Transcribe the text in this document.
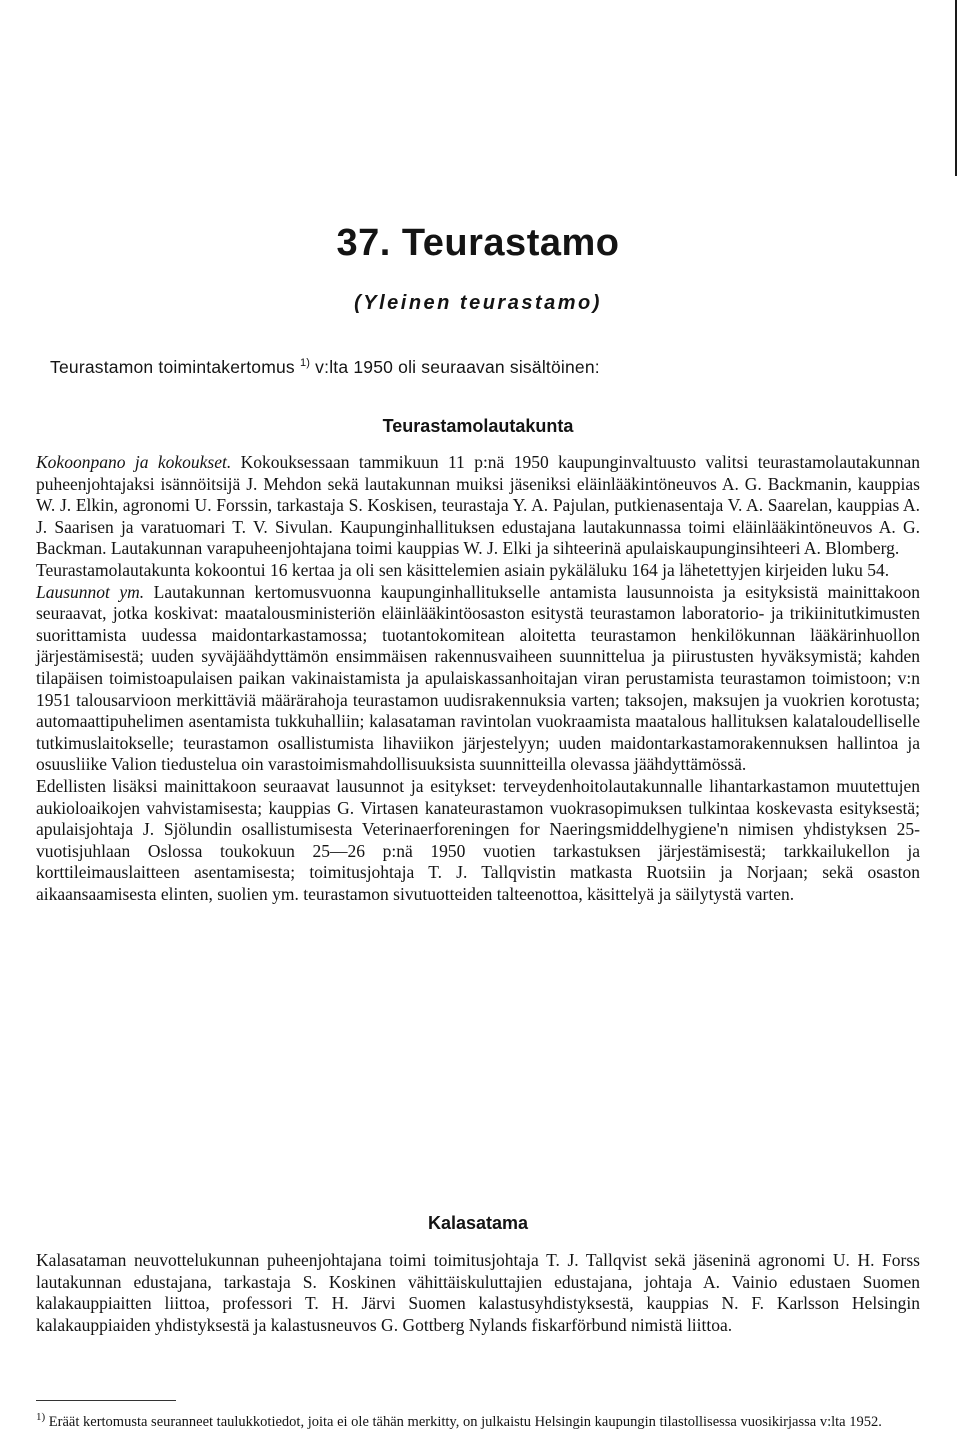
37. Teurastamo
(Yleinen teurastamo)
Teurastamon toimintakertomus $^{1)}$ v:lta 1950 oli seuraavan sisältöinen:
Teurastamolautakunta

Kokoonpano ja kokoukset. Kokouksessaan tammikuun 11 p:nä 1950 kaupunginvaltuusto valitsi teurastamolautakunnan puheenjohtajaksi isännöitsijä J. Mehdon sekä lautakunnan muiksi jäseniksi eläinlääkintöneuvos A. G. Backmanin, kauppias W. J. Elkin, agronomi U. Forssin, tarkastaja S. Koskisen, teurastaja Y. A. Pajulan, putkienasentaja V. A. Saarelan, kauppias A. J. Saarisen ja varatuomari T. V. Sivulan. Kaupunginhallituksen edustajana lautakunnassa toimi eläinlääkintöneuvos A. G. Backman. Lautakunnan varapuheenjohtajana toimi kauppias W. J. Elki ja sihteerinä apulaiskaupunginsihteeri A. Blomberg.

Teurastamolautakunta kokoontui 16 kertaa ja oli sen käsittelemien asiain pykäläluku 164 ja lähetettyjen kirjeiden luku 54.

Lausunnot ym. Lautakunnan kertomusvuonna kaupunginhallitukselle antamista lausunnoista ja esityksistä mainittakoon seuraavat, jotka koskivat: maatalousministeriön eläinlääkintöosaston esitystä teurastamon laboratorio- ja trikiinitutkimusten suorittamista uudessa maidontarkastamossa; tuotantokomitean aloitetta teurastamon henkilökunnan lääkärinhuollon järjestämisestä; uuden syväjäähdyttämön ensimmäisen rakennusvaiheen suunnittelua ja piirustusten hyväksymistä; kahden tilapäisen toimistoapulaisen paikan vakinaistamista ja apulaiskassanhoitajan viran perustamista teurastamon toimistoon; v:n 1951 talousarvioon merkittäviä määrärahoja teurastamon uudisrakennuksia varten; taksojen, maksujen ja vuokrien korotusta; automaattipuhelimen asentamista tukkuhalliin; kalasataman ravintolan vuokraamista maatalous hallituksen kalataloudelliselle tutkimuslaitokselle; teurastamon osallistumista lihaviikon järjestelyyn; uuden maidontarkastamorakennuksen hallintoa ja osuusliike Valion tiedustelua oin varastoimismahdollisuuksista suunnitteilla olevassa jäähdyttämössä.

Edellisten lisäksi mainittakoon seuraavat lausunnot ja esitykset: terveydenhoitolautakunnalle lihantarkastamon muutettujen aukioloaikojen vahvistamisesta; kauppias G. Virtasen kanateurastamon vuokrasopimuksen tulkintaa koskevasta esityksestä; apulaisjohtaja J. Sjölundin osallistumisesta Veterinaerforeningen for Naeringsmiddelhygiene'n nimisen yhdistyksen 25-vuotisjuhlaan Oslossa toukokuun 25—26 p:nä 1950 vuotien tarkastuksen järjestämisestä; tarkkailukellon ja korttileimauslaitteen asentamisesta; toimitusjohtaja T. J. Tallqvistin matkasta Ruotsiin ja Norjaan; sekä osaston aikaansaamisesta elinten, suolien ym. teurastamon sivutuotteiden talteenottoa, käsittelyä ja säilytystä varten.

Kalasatama

Kalasataman neuvottelukunnan puheenjohtajana toimi toimitusjohtaja T. J. Tallqvist sekä jäseninä agronomi U. H. Forss lautakunnan edustajana, tarkastaja S. Koskinen vähittäiskuluttajien edustajana, johtaja A. Vainio edustaen Suomen kalakauppiaitten liittoa, professori T. H. Järvi Suomen kalastusyhdistyksestä, kauppias N. F. Karlsson Helsingin kalakauppiaiden yhdistyksestä ja kalastusneuvos G. Gottberg Nylands fiskarförbund nimistä liittoa.

$^{1)}$ Eräät kertomusta seuranneet taulukkotiedot, joita ei ole tähän merkitty, on julkaistu Helsingin kaupungin tilastollisessa vuosikirjassa v:lta 1952.
